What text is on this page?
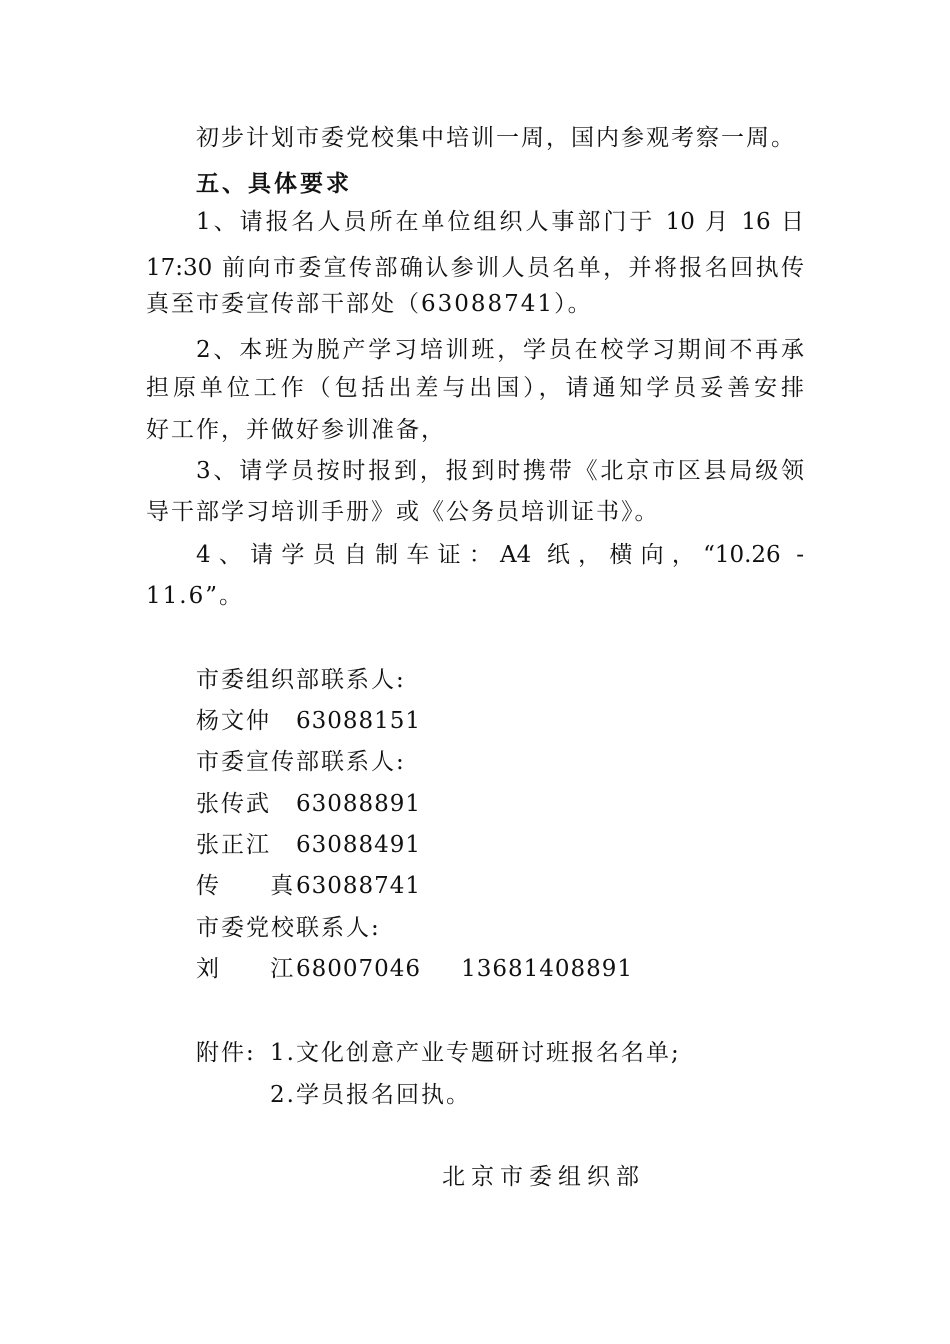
初步计划市委党校集中培训一周，国内参观考察一周。
五、具体要求
1、请报名人员所在单位组织人事部门于 10 月 16 日
17:30 前向市委宣传部确认参训人员名单，并将报名回执传
真至市委宣传部干部处（63088741）。
2、本班为脱产学习培训班，学员在校学习期间不再承
担原单位工作（包括出差与出国），请通知学员妥善安排
好工作，并做好参训准备，
3、请学员按时报到，报到时携带《北京市区县局级领
导干部学习培训手册》或《公务员培训证书》。
4、请学员自制车证：A4 纸，横向，“10.26 -
11.6”。
市委组织部联系人:
杨文仲 63088151
市委宣传部联系人:
张传武 63088891
张正江 63088491
传 真63088741
市委党校联系人:
刘 江68007046 13681408891
附件: 1.文化创意产业专题研讨班报名名单;
2.学员报名回执。
北京市委组织部
